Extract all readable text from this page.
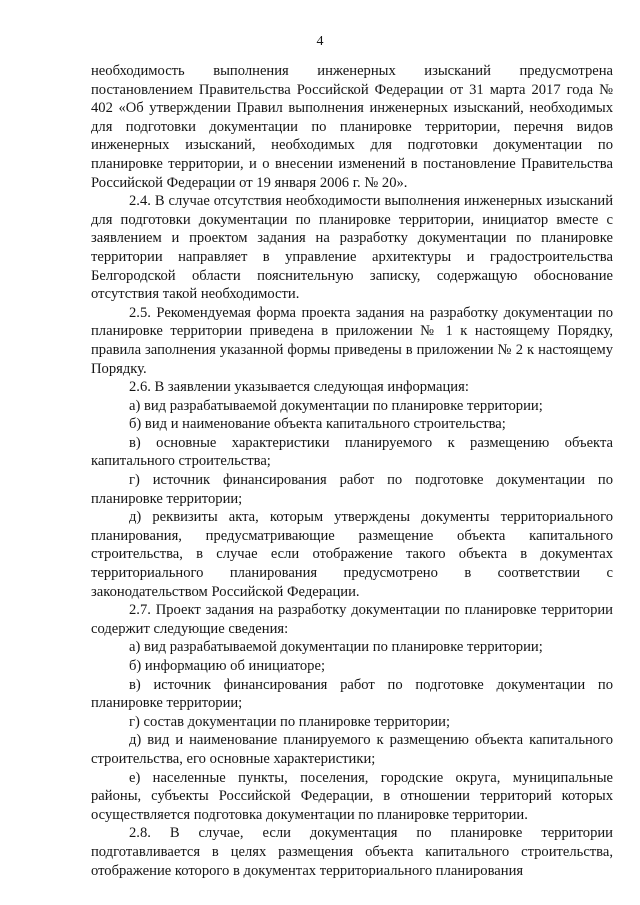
4

необходимость выполнения инженерных изысканий предусмотрена постановлением Правительства Российской Федерации от 31 марта 2017 года № 402 «Об утверждении Правил выполнения инженерных изысканий, необходимых для подготовки документации по планировке территории, перечня видов инженерных изысканий, необходимых для подготовки документации по планировке территории, и о внесении изменений в постановление Правительства Российской Федерации от 19 января 2006 г. № 20».

2.4. В случае отсутствия необходимости выполнения инженерных изысканий для подготовки документации по планировке территории, инициатор вместе с заявлением и проектом задания на разработку документации по планировке территории направляет в управление архитектуры и градостроительства Белгородской области пояснительную записку, содержащую обоснование отсутствия такой необходимости.

2.5. Рекомендуемая форма проекта задания на разработку документации по планировке территории приведена в приложении № 1 к настоящему Порядку, правила заполнения указанной формы приведены в приложении № 2 к настоящему Порядку.

2.6. В заявлении указывается следующая информация:

а) вид разрабатываемой документации по планировке территории;

б) вид и наименование объекта капитального строительства;

в) основные характеристики планируемого к размещению объекта капитального строительства;

г) источник финансирования работ по подготовке документации по планировке территории;

д) реквизиты акта, которым утверждены документы территориального планирования, предусматривающие размещение объекта капитального строительства, в случае если отображение такого объекта в документах территориального планирования предусмотрено в соответствии с законодательством Российской Федерации.

2.7. Проект задания на разработку документации по планировке территории содержит следующие сведения:

а) вид разрабатываемой документации по планировке территории;

б) информацию об инициаторе;

в) источник финансирования работ по подготовке документации по планировке территории;

г) состав документации по планировке территории;

д) вид и наименование планируемого к размещению объекта капитального строительства, его основные характеристики;

е) населенные пункты, поселения, городские округа, муниципальные районы, субъекты Российской Федерации, в отношении территорий которых осуществляется подготовка документации по планировке территории.

2.8. В случае, если документация по планировке территории подготавливается в целях размещения объекта капитального строительства, отображение которого в документах территориального планирования
